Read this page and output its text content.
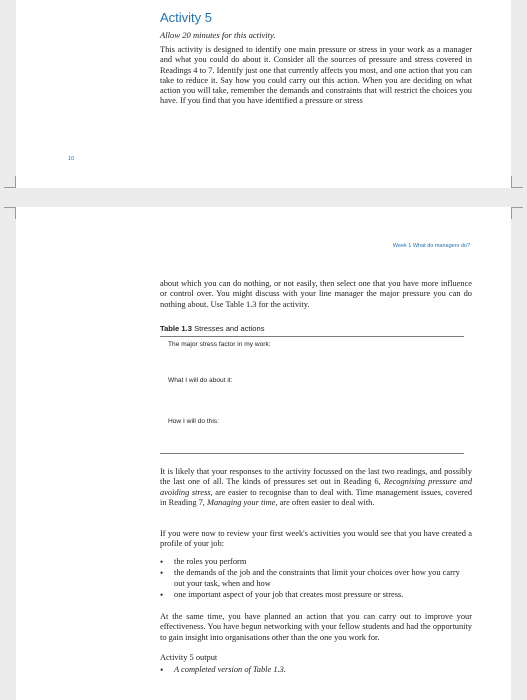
Activity 5
Allow 20 minutes for this activity.

This activity is designed to identify one main pressure or stress in your work as a manager and what you could do about it. Consider all the sources of pressure and stress covered in Readings 4 to 7. Identify just one that currently affects you most, and one action that you can take to reduce it. Say how you could carry out this action. When you are deciding on what action you will take, remember the demands and constraints that will restrict the choices you have. If you find that you have identified a pressure or stress

10
Week 1 What do managers do?

about which you can do nothing, or not easily, then select one that you have more influence or control over. You might discuss with your line manager the major pressure you can do nothing about. Use Table 1.3 for the activity.

Table 1.3 Stresses and actions
The major stress factor in my work:
What I will do about it:
How I will do this:

It is likely that your responses to the activity focussed on the last two readings, and possibly the last one of all. The kinds of pressures set out in Reading 6, Recognising pressure and avoiding stress, are easier to recognise than to deal with. Time management issues, covered in Reading 7, Managing your time, are often easier to deal with.

If you were now to review your first week's activities you would see that you have created a profile of your job:

• the roles you perform
• the demands of the job and the constraints that limit your choices over how you carry out your task, when and how
• one important aspect of your job that creates most pressure or stress.

At the same time, you have planned an action that you can carry out to improve your effectiveness. You have begun networking with your fellow students and had the opportunity to gain insight into organisations other than the one you work for.

Activity 5 output
• A completed version of Table 1.3.
